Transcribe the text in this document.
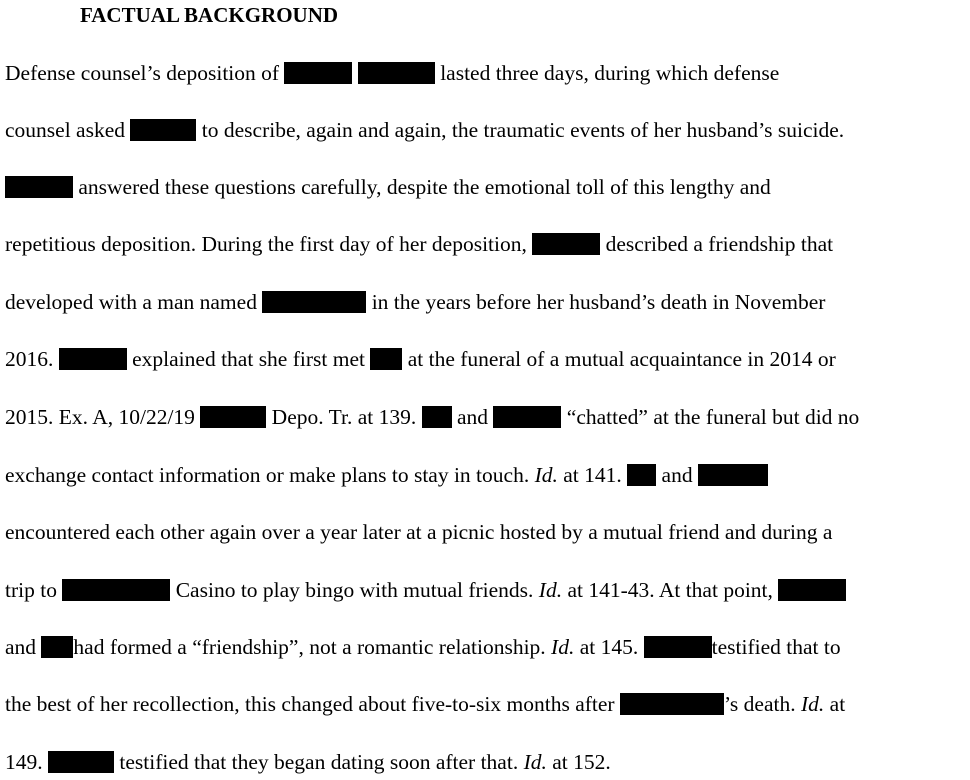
FACTUAL BACKGROUND
Defense counsel’s deposition of	lasted three days, during which defense
counsel asked	to describe, again and again, the traumatic events of her husband’s suicide.
answered these questions carefully, despite the emotional toll of this lengthy and
repetitious deposition. During the first day of her deposition,	described a friendship that
developed with a man named	in the years before her husband’s death in November
2016.	explained that she first met  at the funeral of a mutual acquaintance in 2014 or
2015. Ex. A, 10/22/19	Depo. Tr. at 139.  and	“chatted” at the funeral but did no
exchange contact information or make plans to stay in touch. Id. at 141.  and
encountered each other again over a year later at a picnic hosted by a mutual friend and during a
trip to	Casino to play bingo with mutual friends. Id. at 141-43. At that point,
and had formed a “friendship”, not a romantic relationship. Id. at 145.	testified that to
the best of her recollection, this changed about five-to-six months after	’s death. Id. at
149.	testified that they began dating soon after that. Id. at 152.
